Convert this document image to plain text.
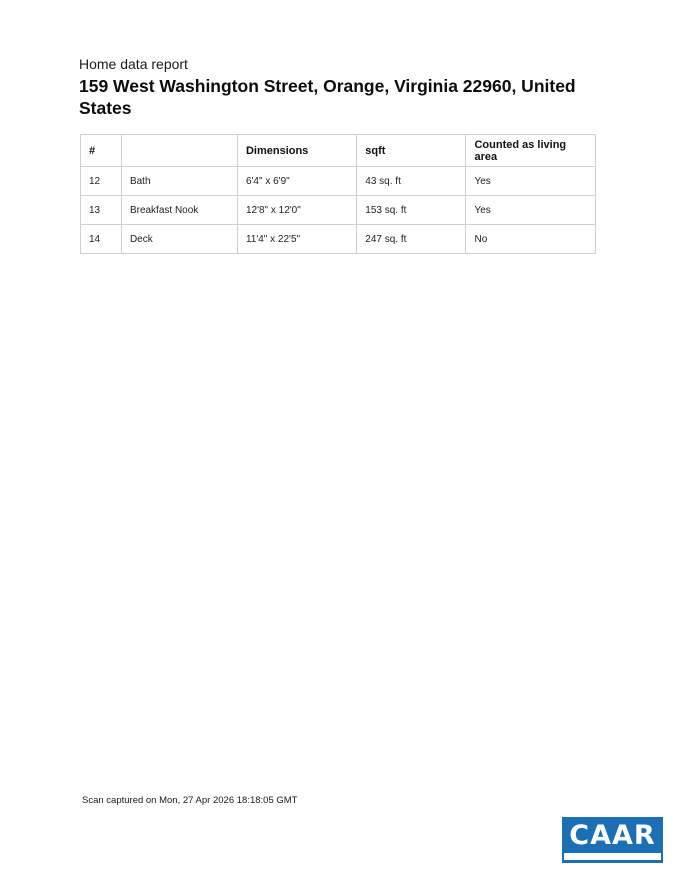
Home data report
159 West Washington Street, Orange, Virginia 22960, United States
#		Dimensions	sqft	Counted as living area
12	Bath	6'4" x 6'9"	43 sq. ft	Yes
13	Breakfast Nook	12'8" x 12'0"	153 sq. ft	Yes
14	Deck	11'4" x 22'5"	247 sq. ft	No
Scan captured on Mon, 27 Apr 2026 18:18:05 GMT
CAAR
